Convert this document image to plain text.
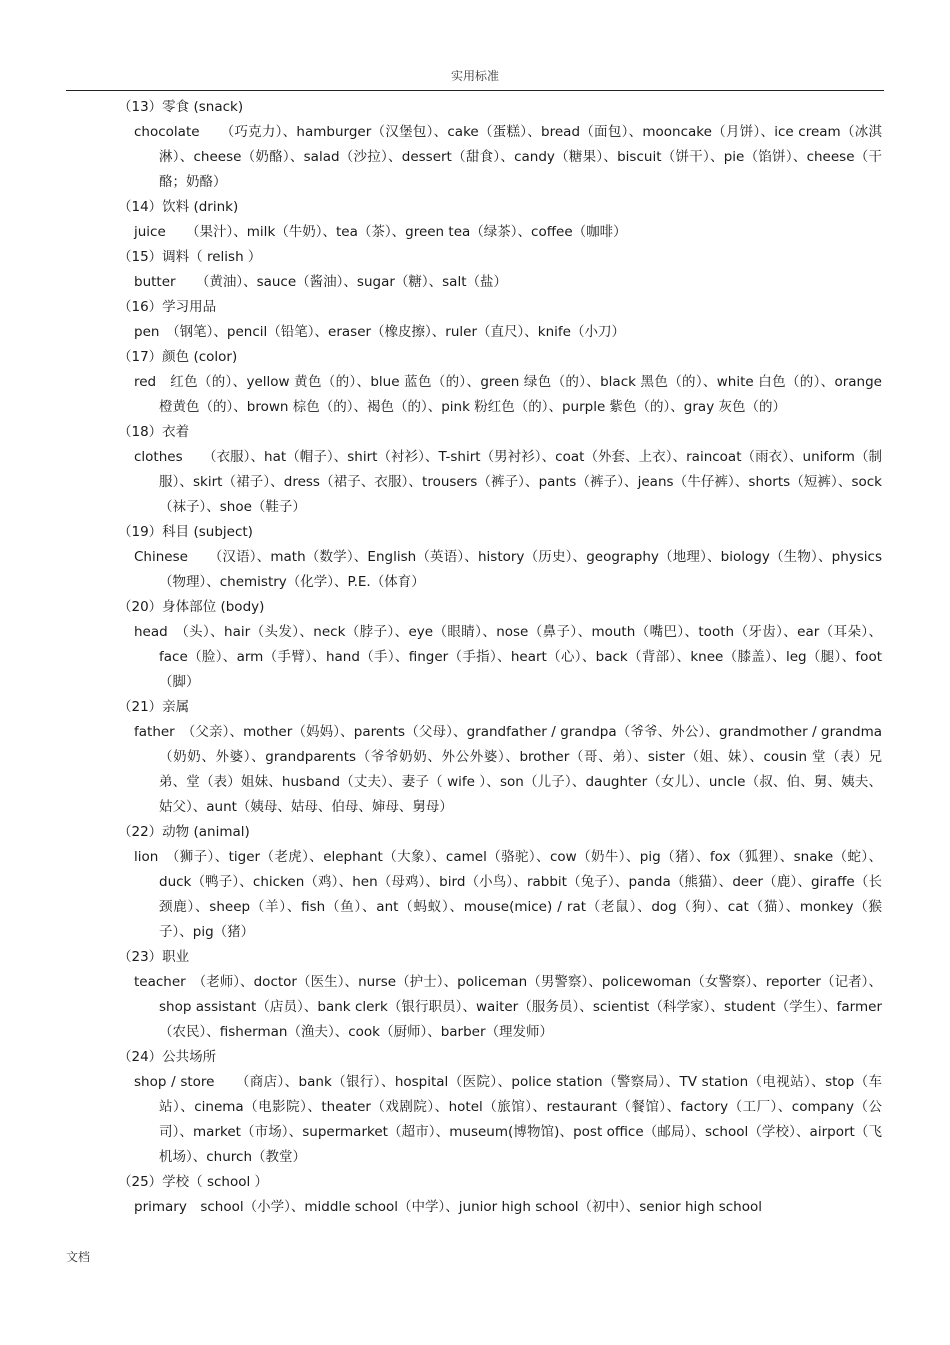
实用标准
（13）零食 (snack)
chocolate　　（巧克力）、hamburger（汉堡包）、cake（蛋糕）、bread（面包）、mooncake（月饼）、ice cream（冰淇淋）、cheese（奶酪）、salad（沙拉）、dessert（甜食）、candy（糖果）、biscuit（饼干）、pie（馅饼）、cheese（干酪；奶酪）
（14）饮料 (drink)
juice　　（果汁）、milk（牛奶）、tea（茶）、green tea（绿茶）、coffee（咖啡）
（15）调料（ relish ）
butter　　（黄油）、sauce（酱油）、sugar（糖）、salt（盐）
（16）学习用品
pen　（钢笔）、pencil（铅笔）、eraser（橡皮擦）、ruler（直尺）、knife（小刀）
（17）颜色 (color)
red　红色（的）、yellow 黄色（的）、blue 蓝色（的）、green 绿色（的）、black 黑色（的）、white 白色（的）、orange 橙黄色（的）、brown 棕色（的）、褐色（的）、pink 粉红色（的）、purple 紫色（的）、gray 灰色（的）
（18）衣着
clothes　　（衣服）、hat（帽子）、shirt（衬衫）、T-shirt（男衬衫）、coat（外套、上衣）、raincoat（雨衣）、uniform（制服）、skirt（裙子）、dress（裙子、衣服）、trousers（裤子）、pants（裤子）、jeans（牛仔裤）、shorts（短裤）、sock（袜子）、shoe（鞋子）
（19）科目 (subject)
Chinese　　（汉语）、math（数学）、English（英语）、history（历史）、geography（地理）、biology（生物）、physics（物理）、chemistry（化学）、P.E.（体育）
（20）身体部位 (body)
head　（头）、hair（头发）、neck（脖子）、eye（眼睛）、nose（鼻子）、mouth（嘴巴）、tooth（牙齿）、ear（耳朵）、face（脸）、arm（手臂）、hand（手）、finger（手指）、heart（心）、back（背部）、knee（膝盖）、leg（腿）、foot（脚）
（21）亲属
father　（父亲）、mother（妈妈）、parents（父母）、grandfather / grandpa（爷爷、外公）、grandmother / grandma（奶奶、外婆）、grandparents（爷爷奶奶、外公外婆）、brother（哥、弟）、sister（姐、妹）、cousin 堂（表）兄弟、堂（表）姐妹、husband（丈夫）、妻子（ wife ）、son（儿子）、daughter（女儿）、uncle（叔、伯、舅、姨夫、姑父）、aunt（姨母、姑母、伯母、婶母、舅母）
（22）动物 (animal)
lion　（狮子）、tiger（老虎）、elephant（大象）、camel（骆驼）、cow（奶牛）、pig（猪）、fox（狐狸）、snake（蛇）、duck（鸭子）、chicken（鸡）、hen（母鸡）、bird（小鸟）、rabbit（兔子）、panda（熊猫）、deer（鹿）、giraffe（长颈鹿）、sheep（羊）、fish（鱼）、ant（蚂蚁）、mouse(mice) / rat（老鼠）、dog（狗）、cat（猫）、monkey（猴子）、pig（猪）
（23）职业
teacher　（老师）、doctor（医生）、nurse（护士）、policeman（男警察）、policewoman（女警察）、reporter（记者）、shop assistant（店员）、bank clerk（银行职员）、waiter（服务员）、scientist（科学家）、student（学生）、farmer（农民）、fisherman（渔夫）、cook（厨师）、barber（理发师）
（24）公共场所
shop / store　　（商店）、bank（银行）、hospital（医院）、police station（警察局）、TV station（电视站）、stop（车站）、cinema（电影院）、theater（戏剧院）、hotel（旅馆）、restaurant（餐馆）、factory（工厂）、company（公司）、market（市场）、supermarket（超市）、museum(博物馆)、post office（邮局）、school（学校）、airport（飞机场）、church（教堂）
（25）学校（ school ）
primary　school（小学）、middle school（中学）、junior high school（初中）、senior high school
文档
